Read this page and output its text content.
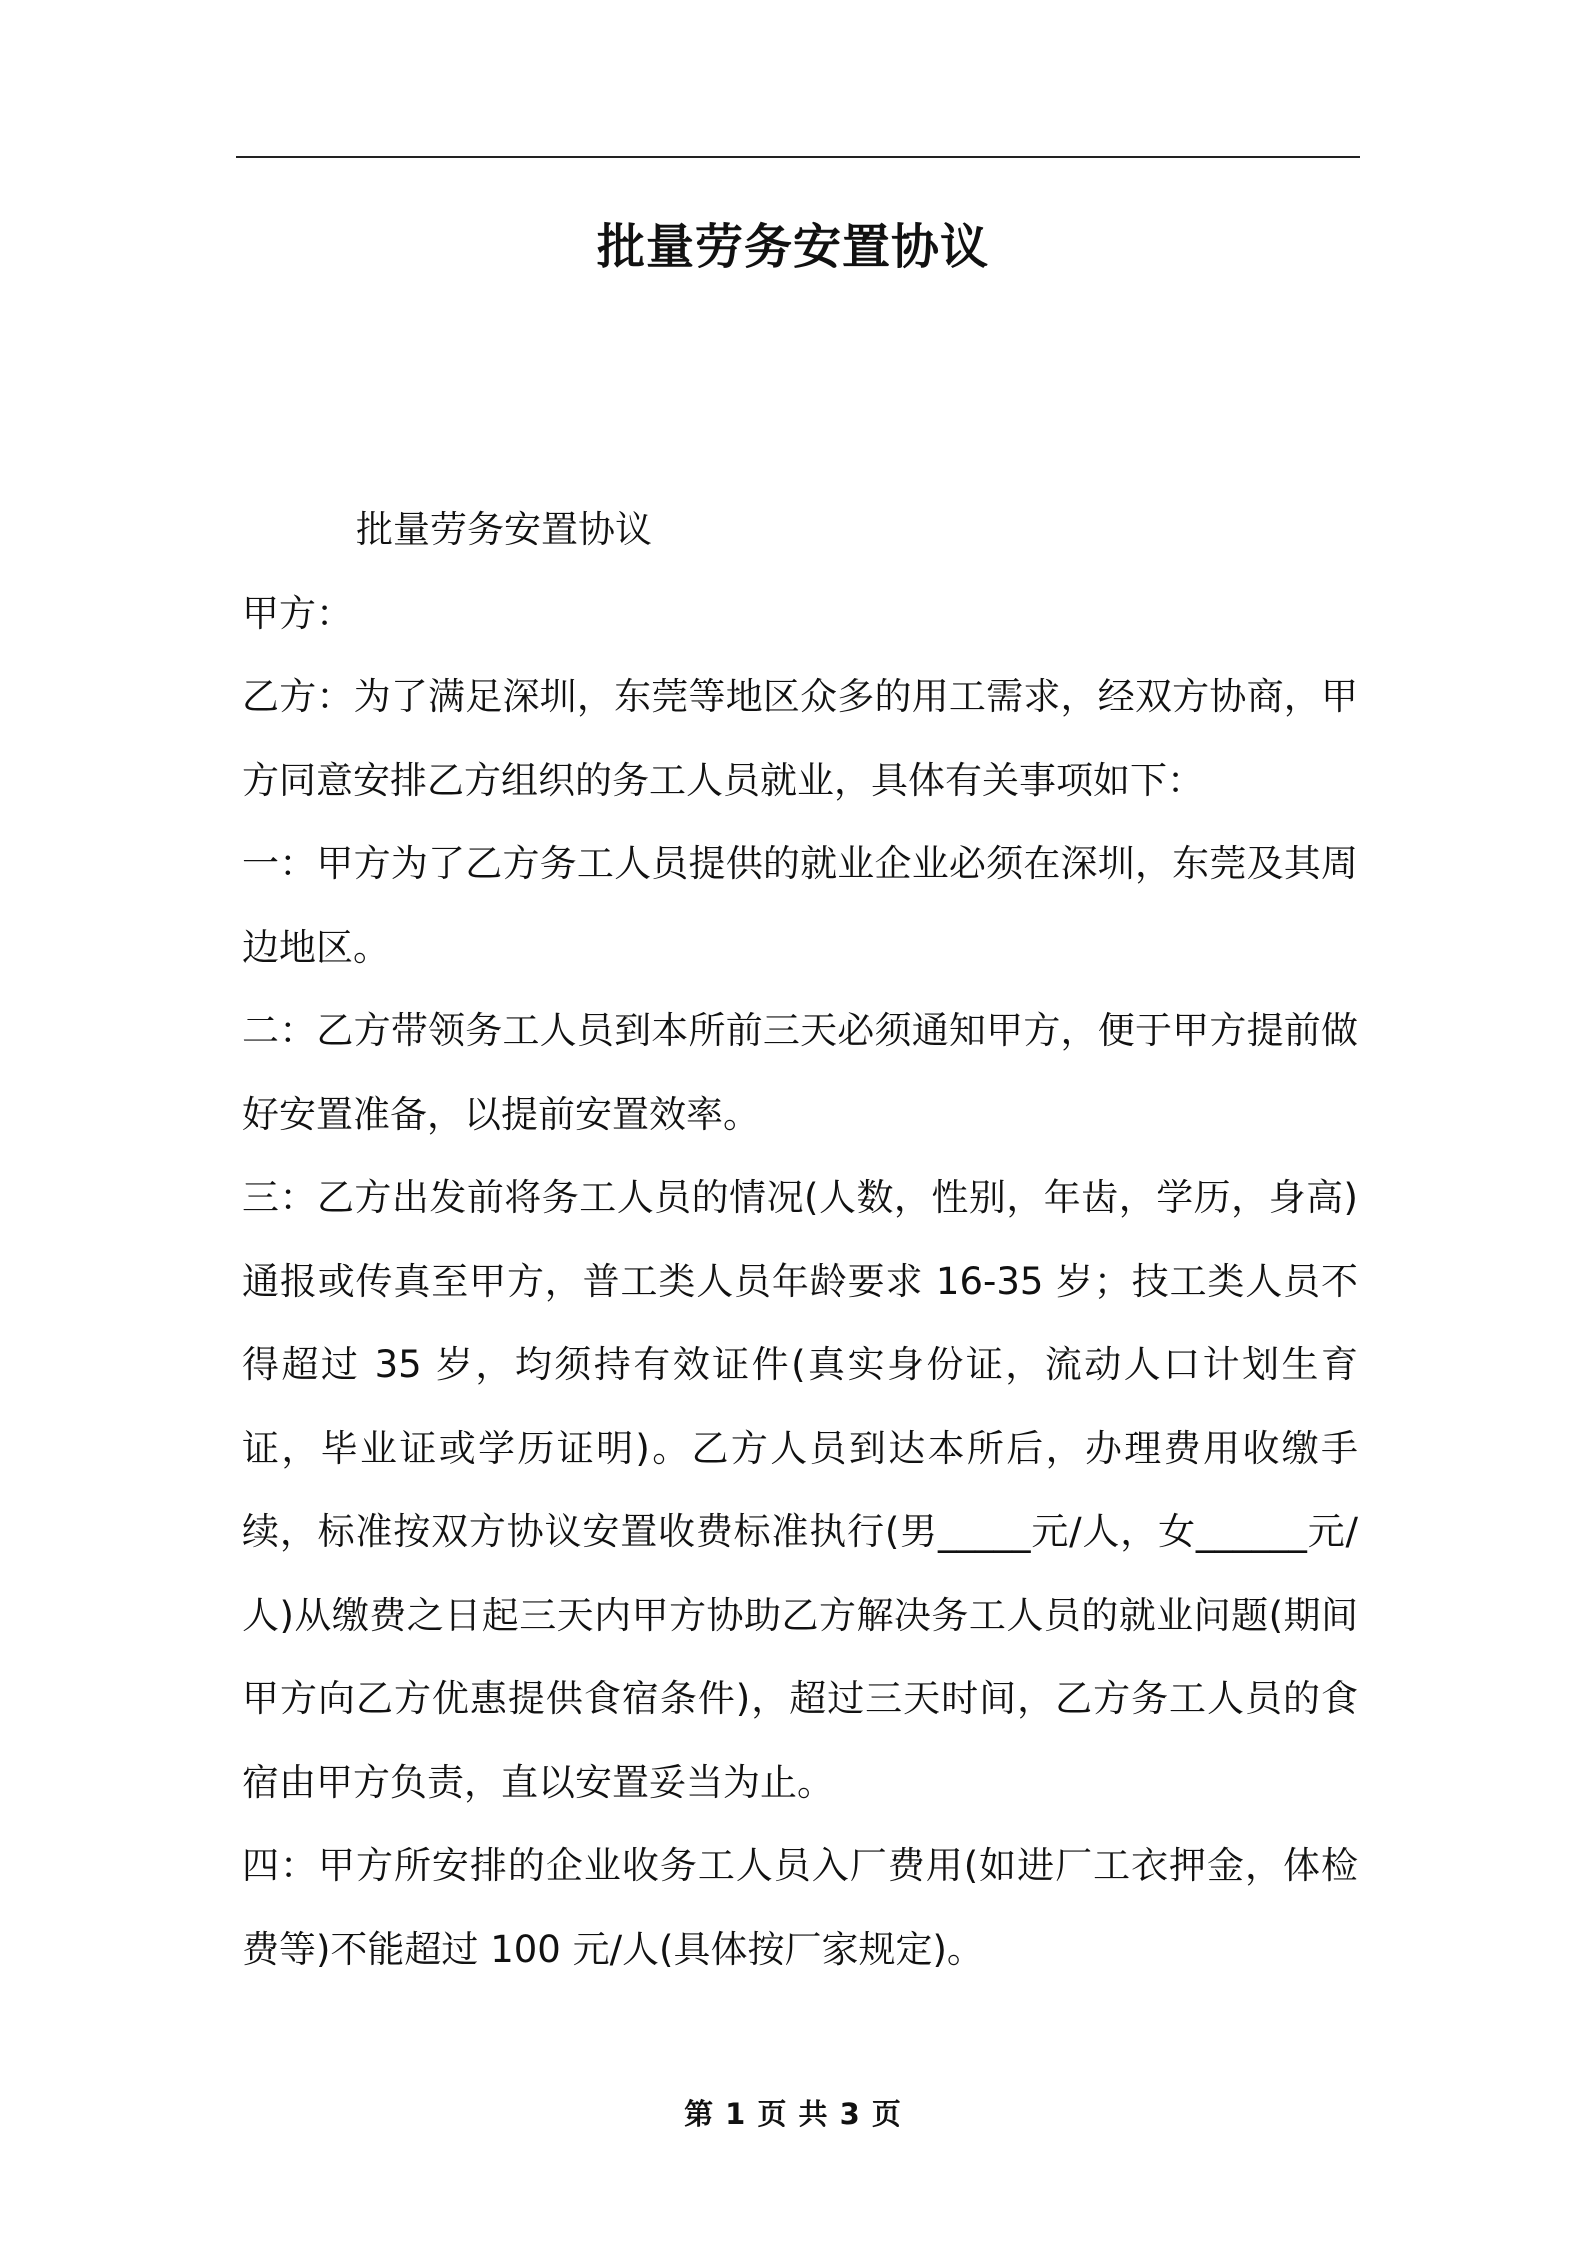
批量劳务安置协议

批量劳务安置协议

甲方：

乙方：为了满足深圳，东莞等地区众多的用工需求，经双方协商，甲方同意安排乙方组织的务工人员就业，具体有关事项如下：

一：甲方为了乙方务工人员提供的就业企业必须在深圳，东莞及其周边地区。

二：乙方带领务工人员到本所前三天必须通知甲方，便于甲方提前做好安置准备，以提前安置效率。

三：乙方出发前将务工人员的情况(人数，性别，年齿，学历，身高)通报或传真至甲方，普工类人员年龄要求 16-35 岁；技工类人员不得超过 35 岁，均须持有效证件(真实身份证，流动人口计划生育证，毕业证或学历证明)。乙方人员到达本所后，办理费用收缴手续，标准按双方协议安置收费标准执行(男_____元/人，女______元/人)从缴费之日起三天内甲方协助乙方解决务工人员的就业问题(期间甲方向乙方优惠提供食宿条件)，超过三天时间，乙方务工人员的食宿由甲方负责，直以安置妥当为止。

四：甲方所安排的企业收务工人员入厂费用(如进厂工衣押金，体检费等)不能超过 100 元/人(具体按厂家规定)。

第 1 页 共 3 页
